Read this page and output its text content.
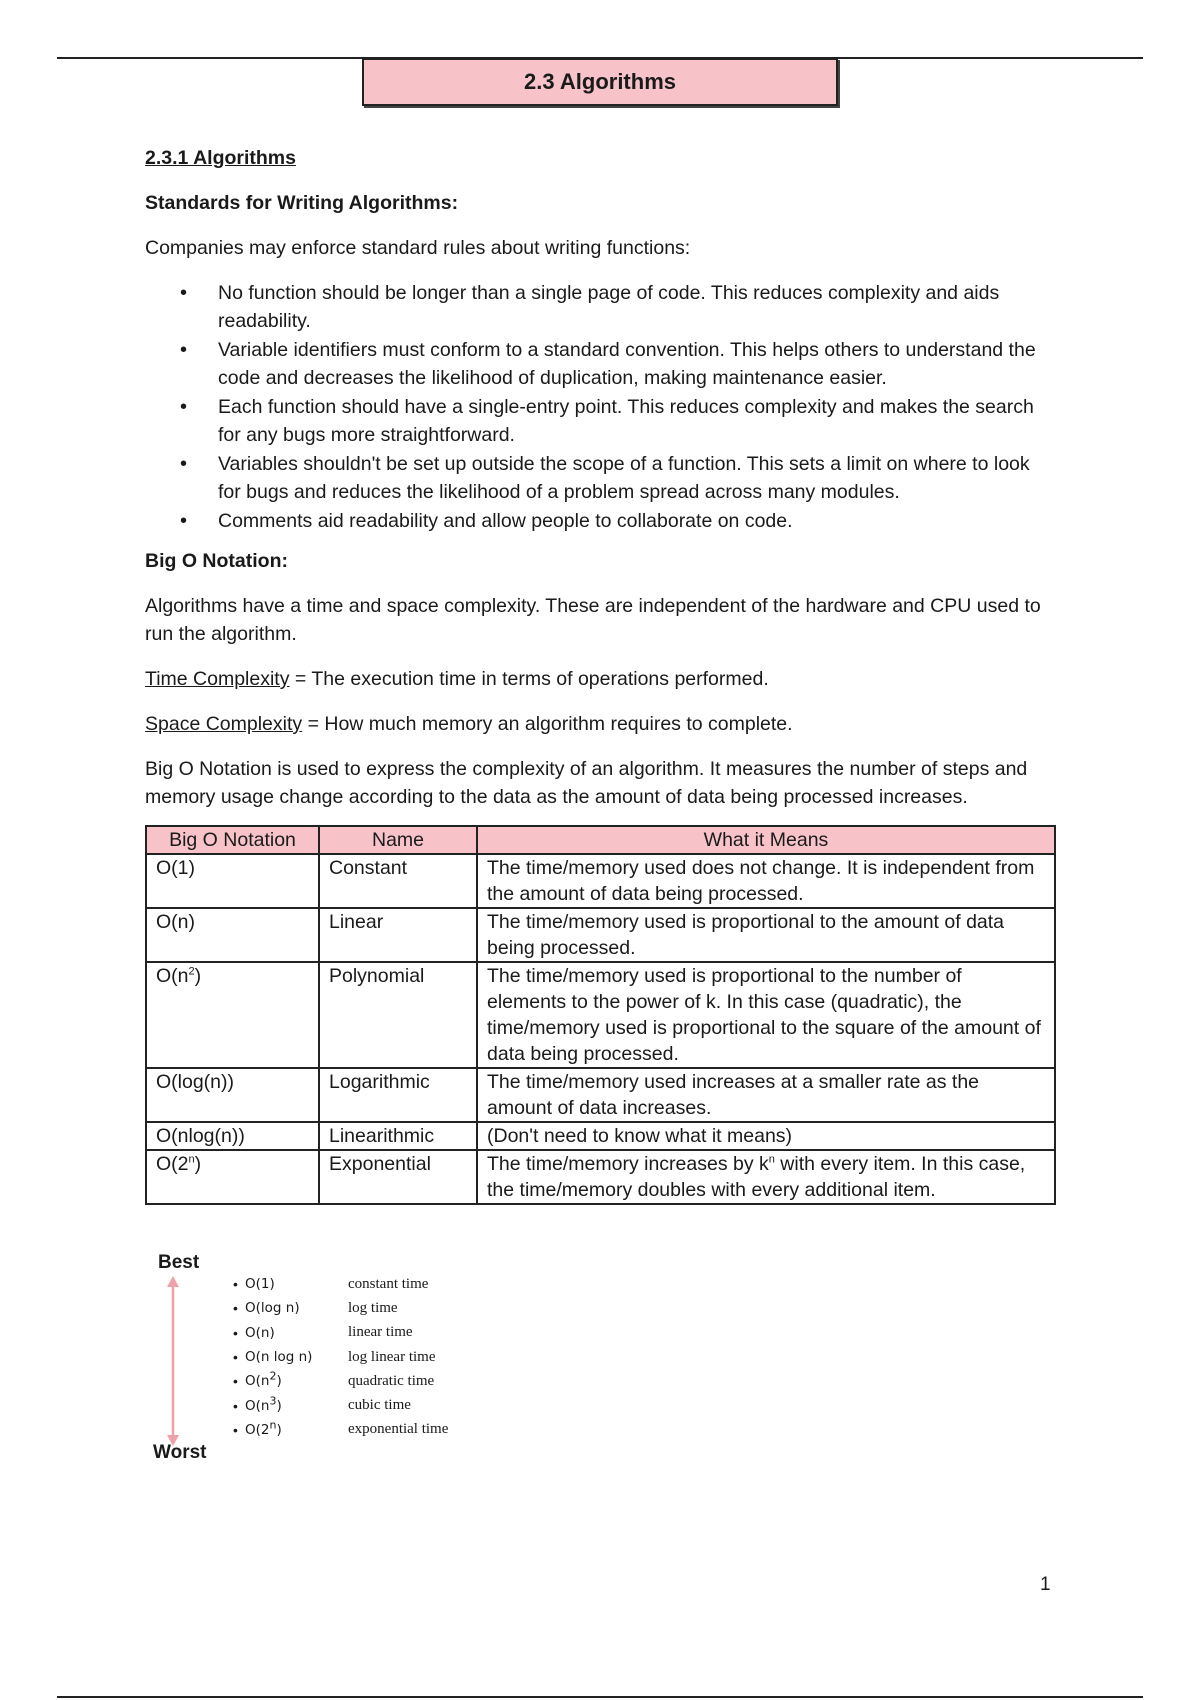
2.3 Algorithms

2.3.1 Algorithms

Standards for Writing Algorithms:

Companies may enforce standard rules about writing functions:

• No function should be longer than a single page of code. This reduces complexity and aids readability.
• Variable identifiers must conform to a standard convention. This helps others to understand the code and decreases the likelihood of duplication, making maintenance easier.
• Each function should have a single-entry point. This reduces complexity and makes the search for any bugs more straightforward.
• Variables shouldn't be set up outside the scope of a function. This sets a limit on where to look for bugs and reduces the likelihood of a problem spread across many modules.
• Comments aid readability and allow people to collaborate on code.

Big O Notation:

Algorithms have a time and space complexity. These are independent of the hardware and CPU used to run the algorithm.

Time Complexity = The execution time in terms of operations performed.

Space Complexity = How much memory an algorithm requires to complete.

Big O Notation is used to express the complexity of an algorithm. It measures the number of steps and memory usage change according to the data as the amount of data being processed increases.

Big O Notation	Name	What it Means
O(1)	Constant	The time/memory used does not change. It is independent from the amount of data being processed.
O(n)	Linear	The time/memory used is proportional to the amount of data being processed.
$O(n^2)$	Polynomial	The time/memory used is proportional to the number of elements to the power of k. In this case (quadratic), the time/memory used is proportional to the square of the amount of data being processed.
O(log(n))	Logarithmic	The time/memory used increases at a smaller rate as the amount of data increases.
O(nlog(n))	Linearithmic	(Don't need to know what it means)
O(2$^n$)	Exponential	The time/memory increases by $k^n$ with every item. In this case, the time/memory doubles with every additional item.
Best
Worst
• O(1)	constant time
• O(log n)	log time
• O(n)	linear time
• O(n log n)	log linear time
• $O(n^2)$	quadratic time
• $O(n^3)$	cubic time
• O(2$^n$)	exponential time
1
